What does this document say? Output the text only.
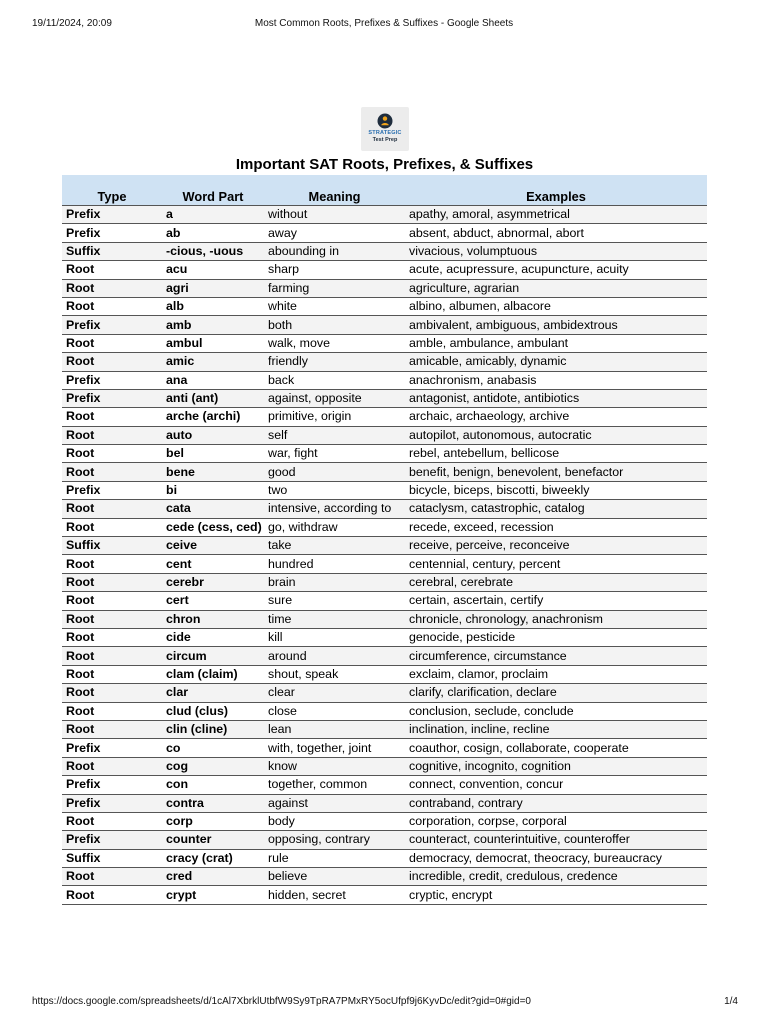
19/11/2024, 20:09	Most Common Roots, Prefixes & Suffixes - Google Sheets
STRATEGIC
Test Prep
Important SAT Roots, Prefixes, & Suffixes
Type	Word Part	Meaning	Examples
Prefix	a	without	apathy, amoral, asymmetrical
Prefix	ab	away	absent, abduct, abnormal, abort
Suffix	-cious, -uous	abounding in	vivacious, volumptuous
Root	acu	sharp	acute, acupressure, acupuncture, acuity
Root	agri	farming	agriculture, agrarian
Root	alb	white	albino, albumen, albacore
Prefix	amb	both	ambivalent, ambiguous, ambidextrous
Root	ambul	walk, move	amble, ambulance, ambulant
Root	amic	friendly	amicable, amicably, dynamic
Prefix	ana	back	anachronism, anabasis
Prefix	anti (ant)	against, opposite	antagonist, antidote, antibiotics
Root	arche (archi)	primitive, origin	archaic, archaeology, archive
Root	auto	self	autopilot, autonomous, autocratic
Root	bel	war, fight	rebel, antebellum, bellicose
Root	bene	good	benefit, benign, benevolent, benefactor
Prefix	bi	two	bicycle, biceps, biscotti, biweekly
Root	cata	intensive, according to	cataclysm, catastrophic, catalog
Root	cede (cess, ced)	go, withdraw	recede, exceed, recession
Suffix	ceive	take	receive, perceive, reconceive
Root	cent	hundred	centennial, century, percent
Root	cerebr	brain	cerebral, cerebrate
Root	cert	sure	certain, ascertain, certify
Root	chron	time	chronicle, chronology, anachronism
Root	cide	kill	genocide, pesticide
Root	circum	around	circumference, circumstance
Root	clam (claim)	shout, speak	exclaim, clamor, proclaim
Root	clar	clear	clarify, clarification, declare
Root	clud (clus)	close	conclusion, seclude, conclude
Root	clin (cline)	lean	inclination, incline, recline
Prefix	co	with, together, joint	coauthor, cosign, collaborate, cooperate
Root	cog	know	cognitive, incognito, cognition
Prefix	con	together, common	connect, convention, concur
Prefix	contra	against	contraband, contrary
Root	corp	body	corporation, corpse, corporal
Prefix	counter	opposing, contrary	counteract, counterintuitive, counteroffer
Suffix	cracy (crat)	rule	democracy, democrat, theocracy, bureaucracy
Root	cred	believe	incredible, credit, credulous, credence
Root	crypt	hidden, secret	cryptic, encrypt
https://docs.google.com/spreadsheets/d/1cAl7XbrklUtbfW9Sy9TpRA7PMxRY5ocUfpf9j6KyvDc/edit?gid=0#gid=0	1/4
